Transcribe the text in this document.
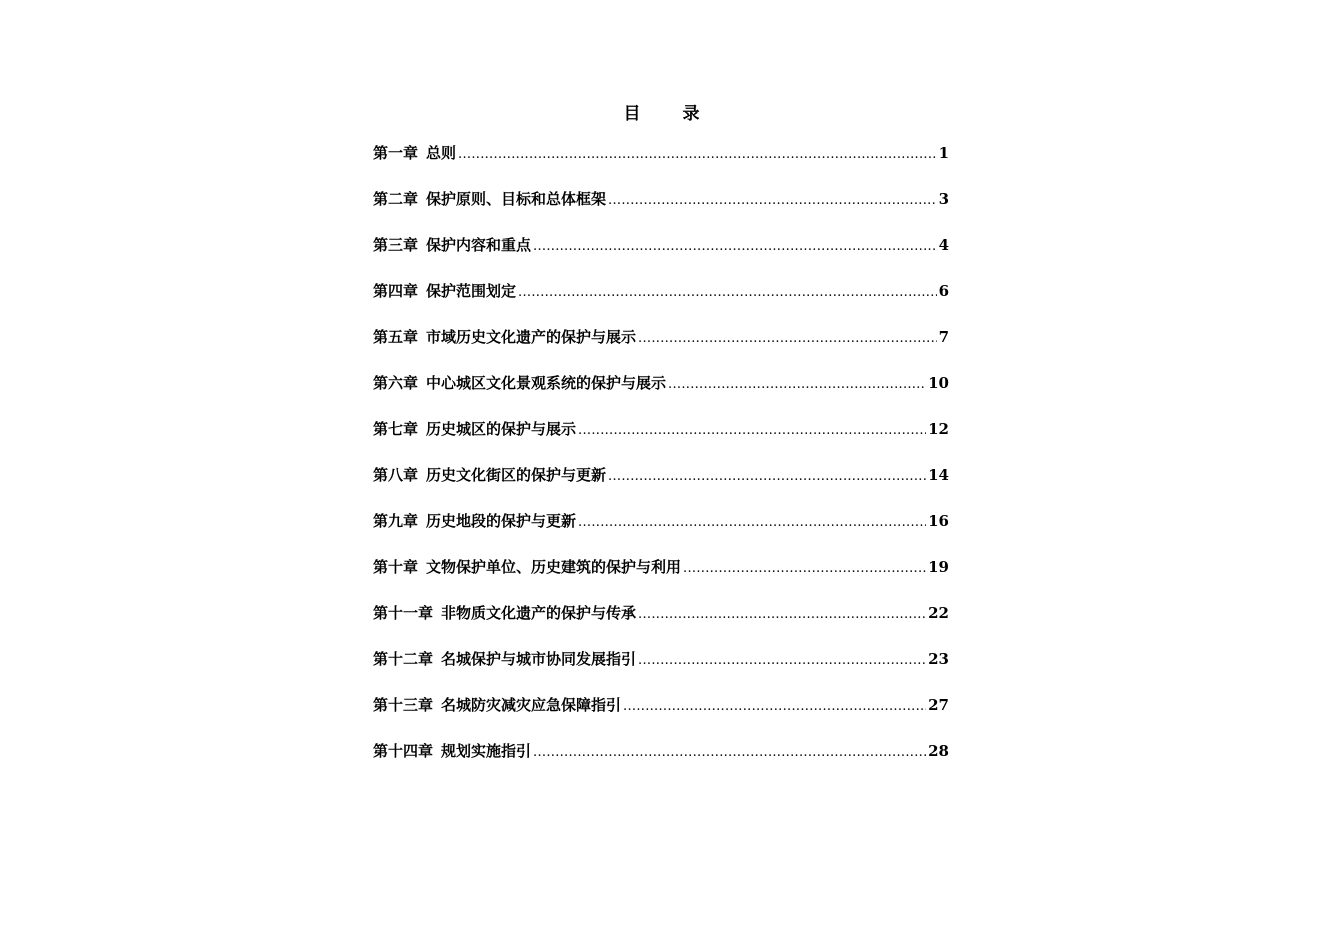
目 录
第一章 总则 .....	1
第二章 保护原则、目标和总体框架 .....	3
第三章 保护内容和重点 .....	4
第四章 保护范围划定 .....	6
第五章 市域历史文化遗产的保护与展示 .....	7
第六章 中心城区文化景观系统的保护与展示 .....	10
第七章 历史城区的保护与展示 .....	12
第八章 历史文化街区的保护与更新 .....	14
第九章 历史地段的保护与更新 .....	16
第十章 文物保护单位、历史建筑的保护与利用 .....	19
第十一章 非物质文化遗产的保护与传承 .....	22
第十二章 名城保护与城市协同发展指引 .....	23
第十三章 名城防灾减灾应急保障指引 .....	27
第十四章 规划实施指引 .....	28
